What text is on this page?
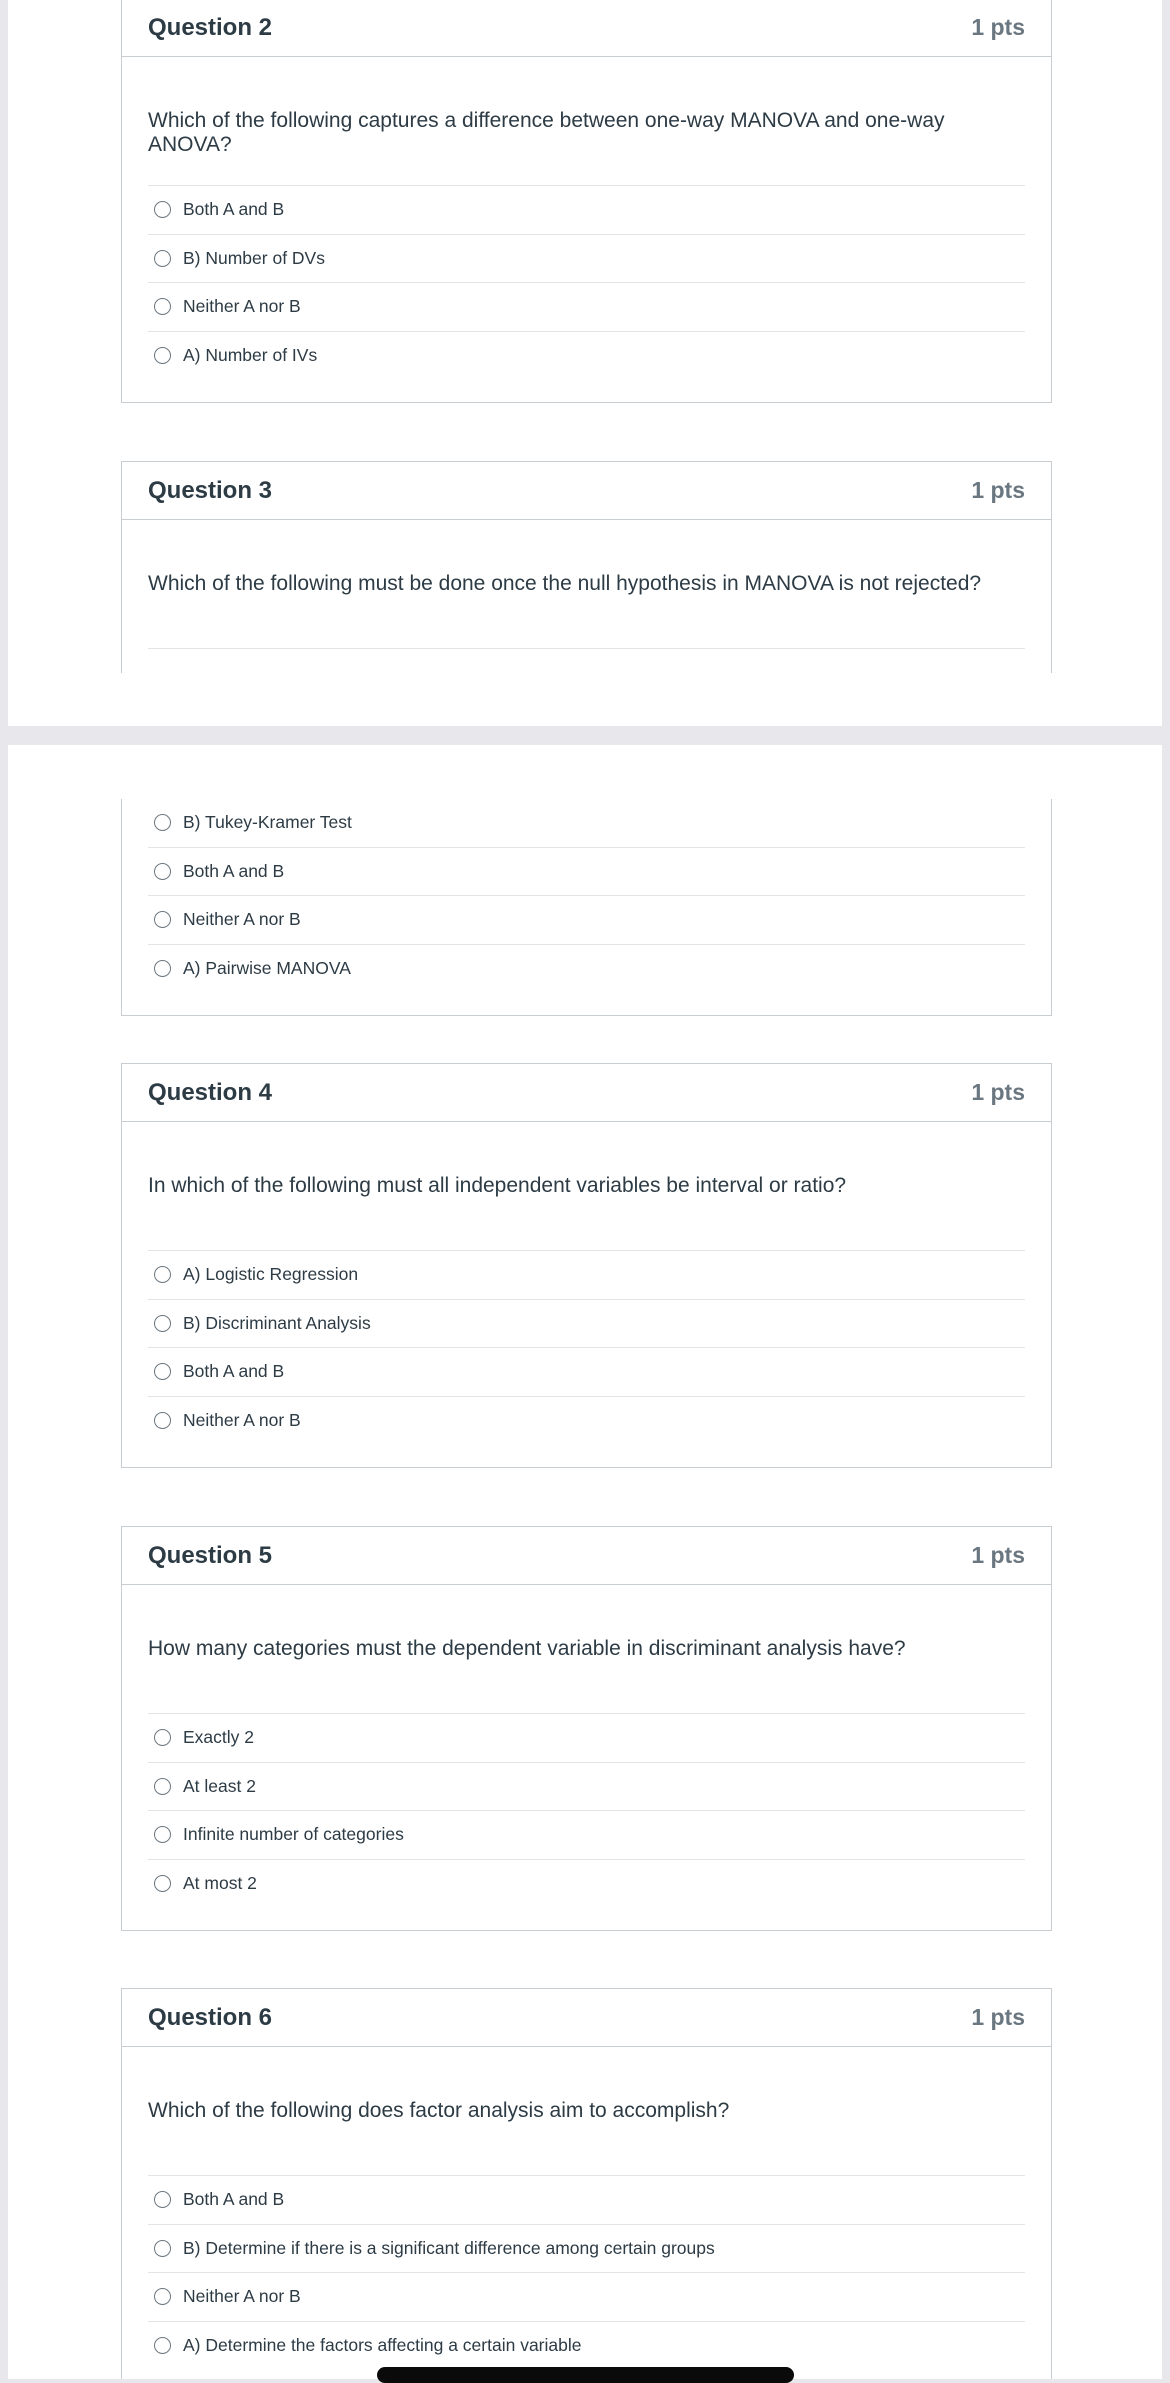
Question 2	1 pts
Which of the following captures a difference between one-way MANOVA and one-way ANOVA?
Both A and B
B) Number of DVs
Neither A nor B
A) Number of IVs
Question 3	1 pts
Which of the following must be done once the null hypothesis in MANOVA is not rejected?
B) Tukey-Kramer Test
Both A and B
Neither A nor B
A) Pairwise MANOVA
Question 4	1 pts
In which of the following must all independent variables be interval or ratio?
A) Logistic Regression
B) Discriminant Analysis
Both A and B
Neither A nor B
Question 5	1 pts
How many categories must the dependent variable in discriminant analysis have?
Exactly 2
At least 2
Infinite number of categories
At most 2
Question 6	1 pts
Which of the following does factor analysis aim to accomplish?
Both A and B
B) Determine if there is a significant difference among certain groups
Neither A nor B
A) Determine the factors affecting a certain variable
